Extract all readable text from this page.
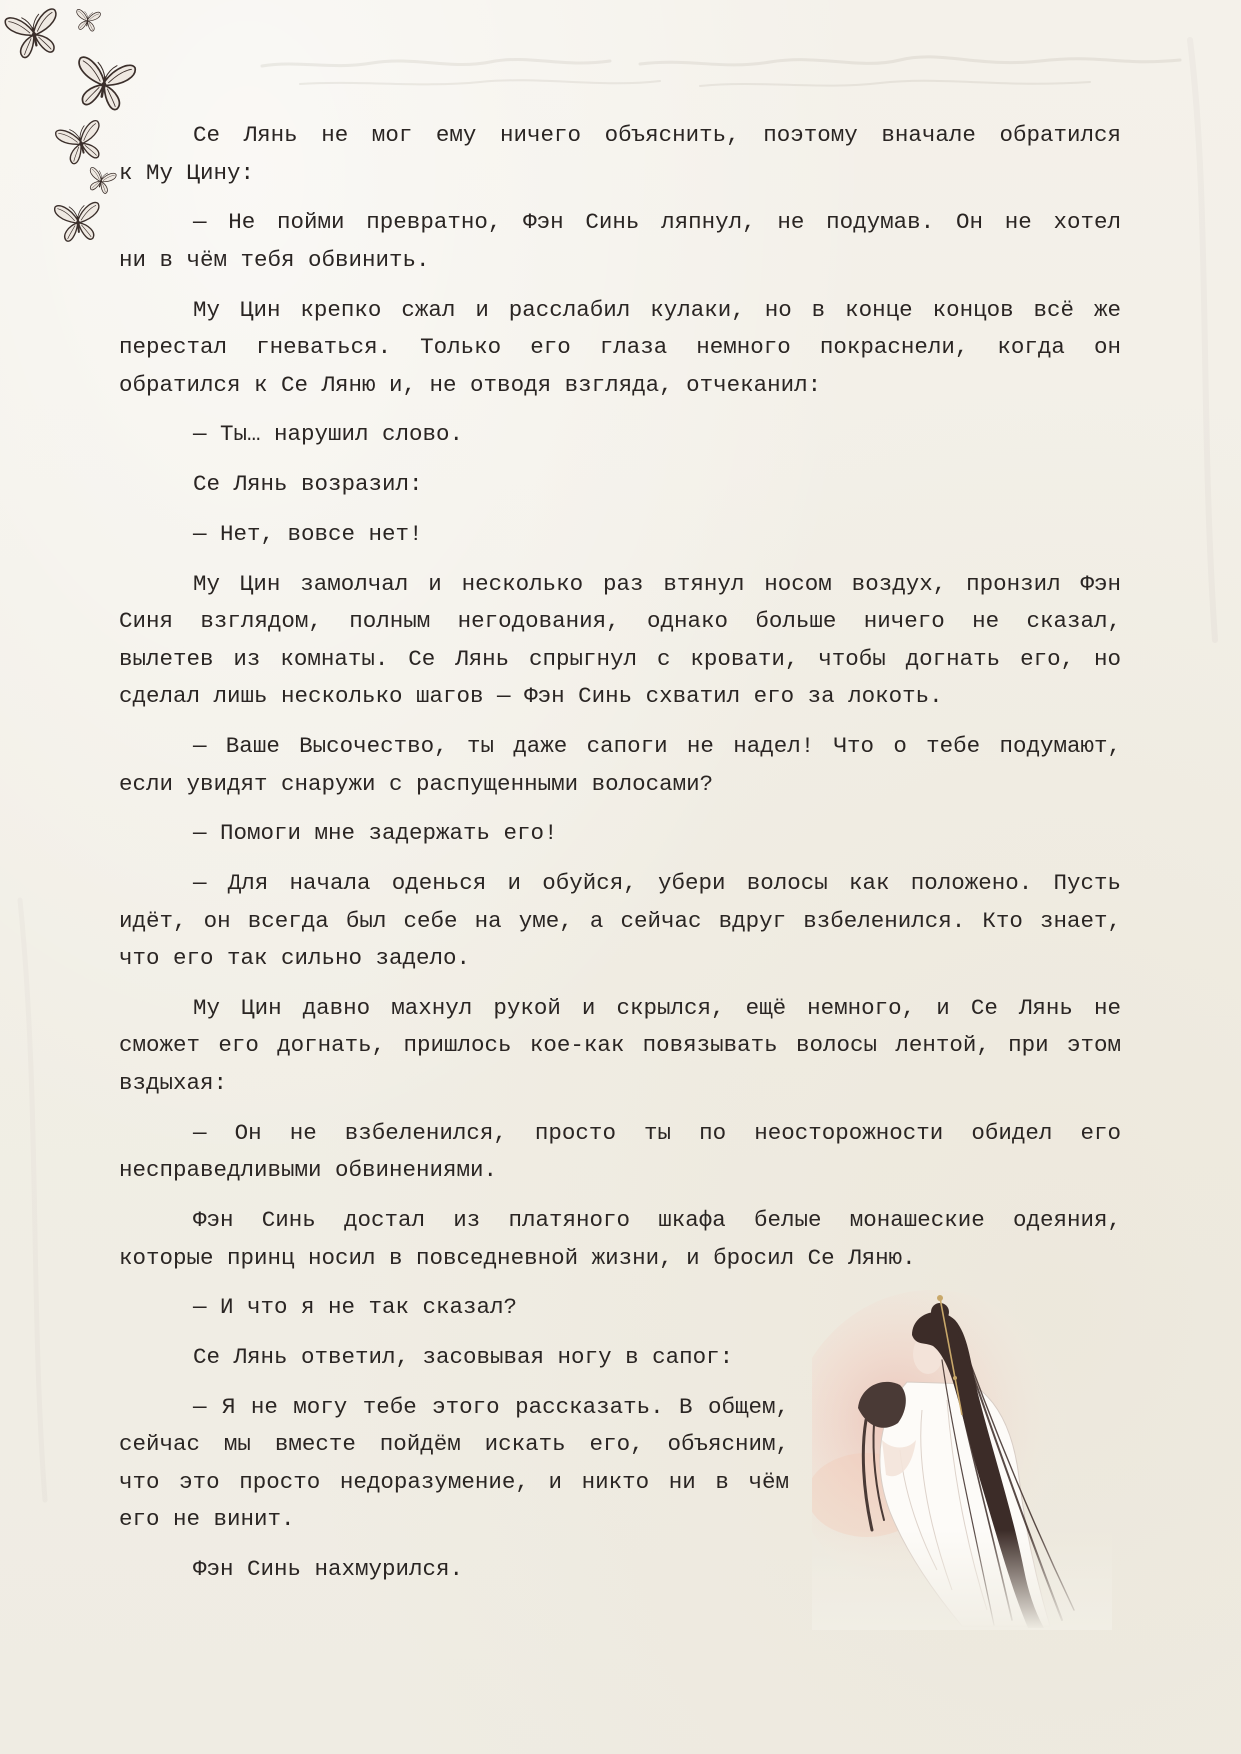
Се Лянь не мог ему ничего объяснить, поэтому вначале обратился
к Му Цину:
— Не пойми превратно, Фэн Синь ляпнул, не подумав. Он не хотел
ни в чём тебя обвинить.
Му Цин крепко сжал и расслабил кулаки, но в конце концов всё же
перестал гневаться. Только его глаза немного покраснели, когда он
обратился к Се Ляню и, не отводя взгляда, отчеканил:
— Ты… нарушил слово.
Се Лянь возразил:
— Нет, вовсе нет!
Му Цин замолчал и несколько раз втянул носом воздух, пронзил Фэн
Синя взглядом, полным негодования, однако больше ничего не сказал,
вылетев из комнаты. Се Лянь спрыгнул с кровати, чтобы догнать его, но
сделал лишь несколько шагов — Фэн Синь схватил его за локоть.
— Ваше Высочество, ты даже сапоги не надел! Что о тебе подумают,
если увидят снаружи с распущенными волосами?
— Помоги мне задержать его!
— Для начала оденься и обуйся, убери волосы как положено. Пусть
идёт, он всегда был себе на уме, а сейчас вдруг взбеленился. Кто знает,
что его так сильно задело.
Му Цин давно махнул рукой и скрылся, ещё немного, и Се Лянь не
сможет его догнать, пришлось кое-как повязывать волосы лентой, при этом
вздыхая:
— Он не взбеленился, просто ты по неосторожности обидел его
несправедливыми обвинениями.
Фэн Синь достал из платяного шкафа белые монашеские одеяния,
которые принц носил в повседневной жизни, и бросил Се Ляню.
— И что я не так сказал?
Се Лянь ответил, засовывая ногу в сапог:
— Я не могу тебе этого рассказать. В общем,
сейчас мы вместе пойдём искать его, объясним,
что это просто недоразумение, и никто ни в чём
его не винит.
Фэн Синь нахмурился.
